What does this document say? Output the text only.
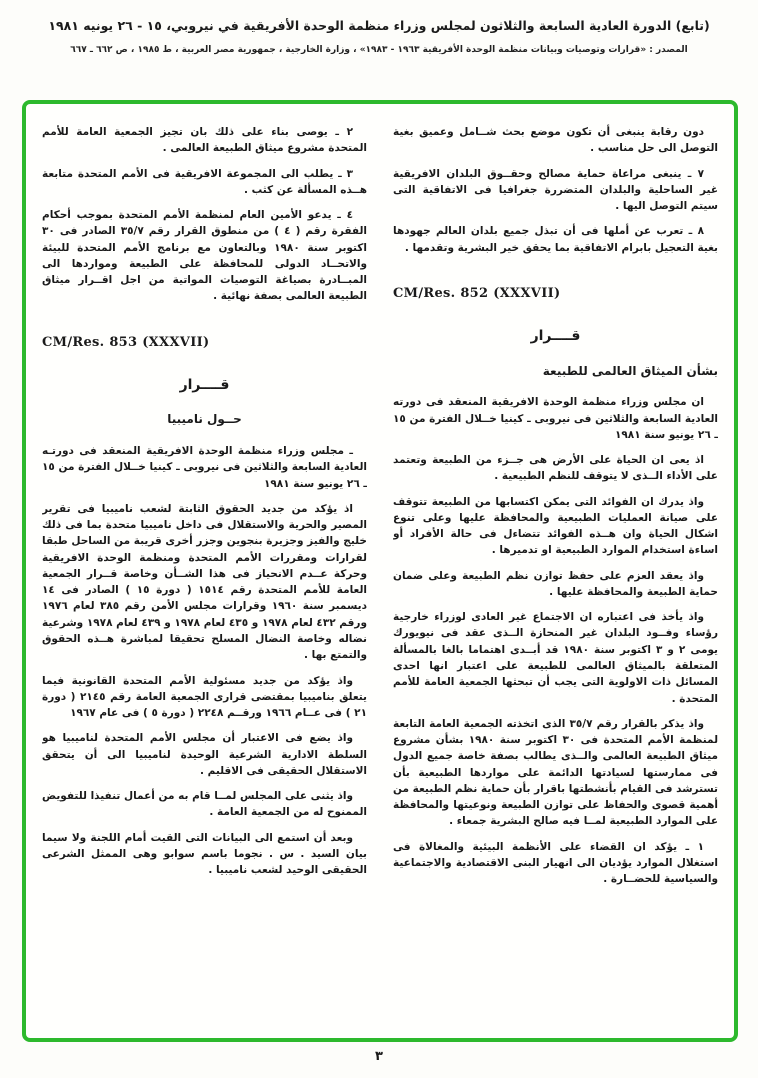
(تابع) الدورة العادية السابعة والثلاثون لمجلس وزراء منظمة الوحدة الأفريقية في نيروبي، ١٥ - ٢٦ يونيه ١٩٨١
المصدر : «قرارات وتوصيات وبيانات منظمة الوحدة الأفريقية ١٩٦٣ - ١٩٨٣» ، وزارة الخارجية ، جمهورية مصر العربية ، ط ١٩٨٥ ، ص ٦٦٢ ـ ٦٦٧

دون رقابة ينبغى أن تكون موضع بحث شــامل وعميق بغية التوصل الى حل مناسب .

٧ ـ ينبغى مراعاة حماية مصالح وحقــوق البلدان الافريقية غير الساحلية والبلدان المتضررة جغرافيا فى الاتفاقية التى سيتم التوصل اليها .

٨ ـ تعرب عن أملها فى أن تبذل جميع بلدان العالم جهودها بغية التعجيل بابرام الاتفاقية بما يحقق خير البشرية وتقدمها .

CM/Res. 852 (XXXVII)

قــــرار

بشأن الميثاق العالمى للطبيعة

ان مجلس وزراء منظمة الوحدة الافريقية المنعقد فى دورته العادية السابعة والثلاثين فى نيروبى ـ كينيا خــلال الفترة من ١٥ ـ ٢٦ يونيو سنة ١٩٨١

اذ يعى ان الحياة على الأرض هى جــزء من الطبيعة وتعتمد على الأداء الــذى لا يتوقف للنظم الطبيعية .

واذ يدرك ان الفوائد التى يمكن اكتسابها من الطبيعة تتوقف على صيانة العمليات الطبيعية والمحافظة عليها وعلى تنوع اشكال الحياة وان هــذه الفوائد تتضاءل فى حالة الأفراد أو اساءة استخدام الموارد الطبيعية او تدميرها .

واذ يعقد العزم على حفظ توازن نظم الطبيعة وعلى ضمان حماية الطبيعة والمحافظة عليها .

واذ يأخذ فى اعتباره ان الاجتماع غير العادى لوزراء خارجية رؤساء وفــود البلدان غير المنحازة الــذى عقد فى نيويورك يومى ٢ و ٣ اكتوبر سنة ١٩٨٠ قد أبــدى اهتماما بالغا بالمسألة المتعلقة بالميثاق العالمى للطبيعة على اعتبار انها احدى المسائل ذات الاولوية التى يجب أن تبحثها الجمعية العامة للأمم المتحدة .

واذ يذكر بالقرار رقم ٣٥/٧ الذى اتخذته الجمعية العامة التابعة لمنظمة الأمم المتحدة فى ٣٠ اكتوبر سنة ١٩٨٠ بشأن مشروع ميثاق الطبيعة العالمى والــذى يطالب بصفة خاصة جميع الدول فى ممارستها لسيادتها الدائمة على مواردها الطبيعية بأن تسترشد فى القيام بأنشطتها باقرار بأن حماية نظم الطبيعة من أهمية قصوى والحفاظ على توازن الطبيعة ونوعيتها والمحافظة على الموارد الطبيعية لمــا فيه صالح البشرية جمعاء .

١ ـ يؤكد ان القضاء على الأنظمة البيئية والمغالاة فى استغلال الموارد يؤديان الى انهيار البنى الاقتصادية والاجتماعية والسياسية للحضــارة .

٢ ـ يوصى بناء على ذلك بان تجيز الجمعية العامة للأمم المتحدة مشروع ميثاق الطبيعة العالمى .

٣ ـ يطلب الى المجموعة الافريقية فى الأمم المتحدة متابعة هــذه المسألة عن كثب .

٤ ـ يدعو الأمين العام لمنظمة الأمم المتحدة بموجب أحكام الفقرة رقم ( ٤ ) من منطوق القرار رقم ٣٥/٧ الصادر فى ٣٠ اكتوبر سنة ١٩٨٠ وبالتعاون مع برنامج الأمم المتحدة للبيئة والاتحــاد الدولى للمحافظة على الطبيعة ومواردها الى المبــادرة بصياغة التوصيات المواتية من اجل اقــرار ميثاق الطبيعة العالمى بصفة نهائية .

CM/Res. 853 (XXXVII)

قــــرار

حــول ناميبيا

ـ مجلس وزراء منظمة الوحدة الافريقية المنعقد فى دورتـه العادية السابعة والثلاثين فى نيروبى ـ كينيا خــلال الفترة من ١٥ ـ ٢٦ يونيو سنة ١٩٨١

اذ يؤكد من جديد الحقوق الثابتة لشعب ناميبيا فى تقرير المصير والحرية والاستقلال فى داخل ناميبيا متحدة بما فى ذلك خليج والفيز وجزيرة بنجوين وجزر أخرى قريبة من الساحل طبقا لقرارات ومقررات الأمم المتحدة ومنظمة الوحدة الافريقية وحركة عــدم الانحياز فى هذا الشــأن وخاصة قــرار الجمعية العامة للأمم المتحدة رقم ١٥١٤ ( دورة ١٥ ) الصادر فى ١٤ ديسمبر سنة ١٩٦٠ وقرارات مجلس الأمن رقم ٣٨٥ لعام ١٩٧٦ ورقم ٤٣٢ لعام ١٩٧٨ و ٤٣٥ لعام ١٩٧٨ و ٤٣٩ لعام ١٩٧٨ وشرعية نضاله وخاصة النضال المسلح تحقيقا لمباشرة هــذه الحقوق والتمتع بها .

واذ يؤكد من جديد مسئولية الأمم المتحدة القانونية فيما يتعلق بناميبيا بمقتضى قرارى الجمعية العامة رقم ٢١٤٥ ( دورة ٢١ ) فى عــام ١٩٦٦ ورقــم ٢٢٤٨ ( دورة ٥ ) فى عام ١٩٦٧

واذ يضع فى الاعتبار أن مجلس الأمم المتحدة لناميبيا هو السلطة الادارية الشرعية الوحيدة لناميبيا الى أن يتحقق الاستقلال الحقيقى فى الاقليم .

واذ يثنى على المجلس لمــا قام به من أعمال تنفيذا للتفويض الممنوح له من الجمعية العامة .

وبعد أن استمع الى البيانات التى القيت أمام اللجنة ولا سيما بيان السيد . س . نجوما باسم سوابو وهى الممثل الشرعى الحقيقى الوحيد لشعب ناميبيا .

٣
